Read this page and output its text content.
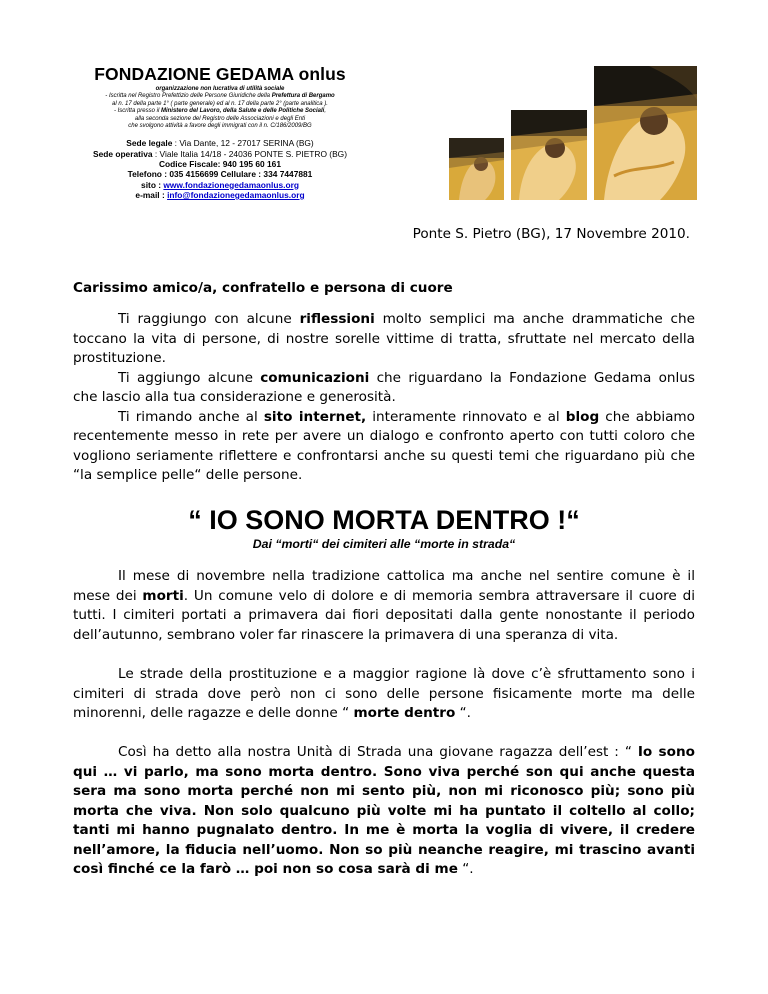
FONDAZIONE GEDAMA onlus
organizzazione non lucrativa di utilità sociale
- Iscritta nel Registro Prefettizio delle Persone Giuridiche della Prefettura di Bergamo
al n. 17 della parte 1° ( parte generale) ed al n. 17 della parte 2° (parte analitica ).
- Iscritta presso il Ministero del Lavoro, della Salute e delle Politiche Sociali,
alla seconda sezione del Registro delle Associazioni e degli Enti
che svolgono attività a favore degli immigrati con il n. C/186/2009/BG
Sede legale : Via Dante, 12 - 27017 SERINA (BG)
Sede operativa : Viale Italia 14/18 - 24036 PONTE S. PIETRO (BG)
Codice Fiscale: 940 195 60 161
Telefono : 035 4156699 Cellulare : 334 7447881
sito : www.fondazionegedamaonlus.org
e-mail : info@fondazionegedamaonlus.org
Ponte S. Pietro (BG), 17 Novembre 2010.
Carissimo amico/a, confratello e persona di cuore

Ti raggiungo con alcune riflessioni molto semplici ma anche drammatiche che toccano la vita di persone, di nostre sorelle vittime di tratta, sfruttate nel mercato della prostituzione.

Ti aggiungo alcune comunicazioni che riguardano la Fondazione Gedama onlus che lascio alla tua considerazione e generosità.

Ti rimando anche al sito internet, interamente rinnovato e al blog che abbiamo recentemente messo in rete per avere un dialogo e confronto aperto con tutti coloro che vogliono seriamente riflettere e confrontarsi anche su questi temi che riguardano più che “la semplice pelle“ delle persone.

“ IO SONO MORTA DENTRO !“
Dai “morti“ dei cimiteri alle “morte in strada“

Il mese di novembre nella tradizione cattolica ma anche nel sentire comune è il mese dei morti. Un comune velo di dolore e di memoria sembra attraversare il cuore di tutti. I cimiteri portati a primavera dai fiori depositati dalla gente nonostante il periodo dell’autunno, sembrano voler far rinascere la primavera di una speranza di vita.

Le strade della prostituzione e a maggior ragione là dove c’è sfruttamento sono i cimiteri di strada dove però non ci sono delle persone fisicamente morte ma delle minorenni, delle ragazze e delle donne “ morte dentro “.

Così ha detto alla nostra Unità di Strada una giovane ragazza dell’est : “ Io sono qui … vi parlo, ma sono morta dentro. Sono viva perché son qui anche questa sera ma sono morta perché non mi sento più, non mi riconosco più; sono più morta che viva. Non solo qualcuno più volte mi ha puntato il coltello al collo; tanti mi hanno pugnalato dentro. In me è morta la voglia di vivere, il credere nell’amore, la fiducia nell’uomo. Non so più neanche reagire, mi trascino avanti così finché ce la farò … poi non so cosa sarà di me “.
